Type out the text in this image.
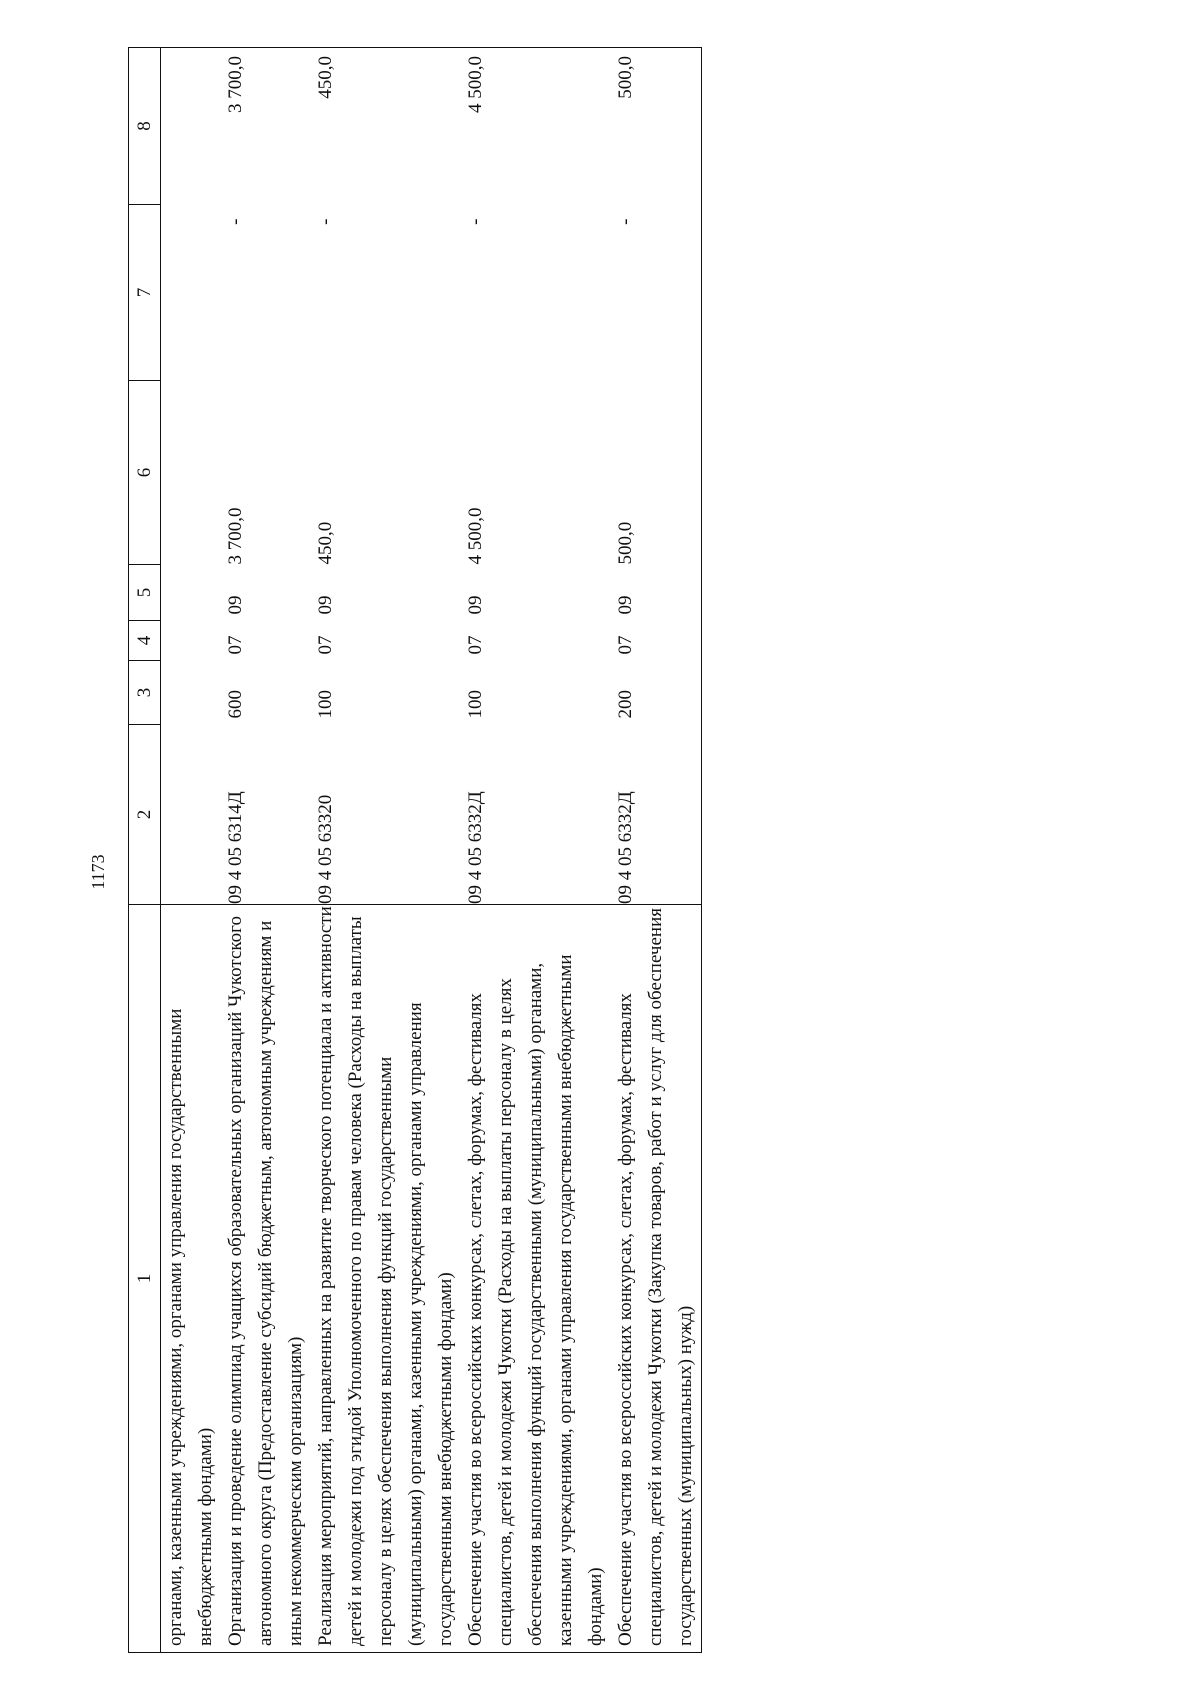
1173
1	2	3	4	5	6	7	8
органами, казенными учреждениями, органами управления государственными внебюджетными фондами)							
Организация и проведение олимпиад учащихся образовательных организаций Чукотского автономного округа (Предоставление субсидий бюджетным, автономным учреждениям и иным некоммерческим организациям)	09 4 05 6314Д	600	07	09	3 700,0	-	3 700,0
Реализация мероприятий, направленных на развитие творческого потенциала и активности детей и молодежи под эгидой Уполномоченного по правам человека (Расходы на выплаты персоналу в целях обеспечения выполнения функций государственными (муниципальными) органами, казенными учреждениями, органами управления государственными внебюджетными фондами)	09 4 05 63320	100	07	09	450,0	-	450,0
Обеспечение участия во всероссийских конкурсах, слетах, форумах, фестивалях специалистов, детей и молодежи Чукотки (Расходы на выплаты персоналу в целях обеспечения выполнения функций государственными (муниципальными) органами, казенными учреждениями, органами управления государственными внебюджетными фондами)	09 4 05 6332Д	100	07	09	4 500,0	-	4 500,0
Обеспечение участия во всероссийских конкурсах, слетах, форумах, фестивалях специалистов, детей и молодежи Чукотки (Закупка товаров, работ и услуг для обеспечения государственных (муниципальных) нужд)	09 4 05 6332Д	200	07	09	500,0	-	500,0
